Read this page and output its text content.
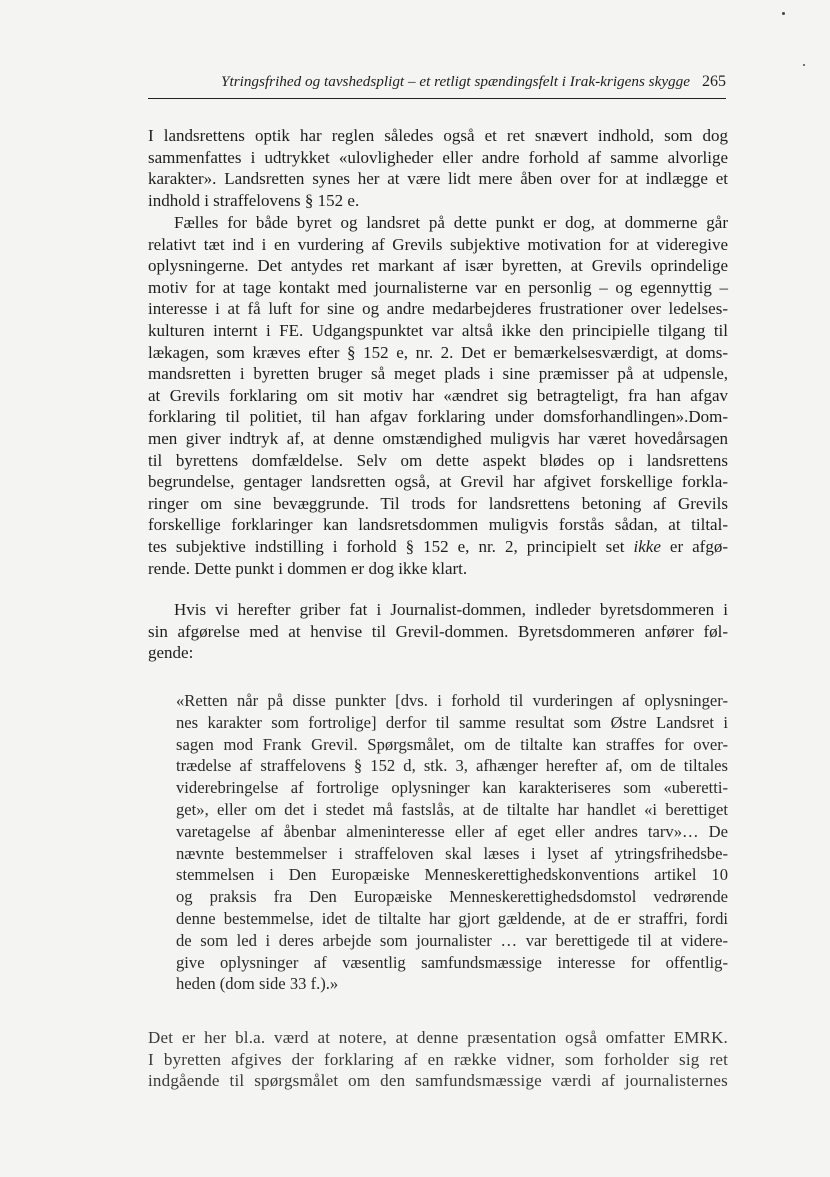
Ytringsfrihed og tavshedspligt – et retligt spændingsfelt i Irak-krigens skygge 265
I landsrettens optik har reglen således også et ret snævert indhold, som dog
sammenfattes i udtrykket «ulovligheder eller andre forhold af samme alvorlige
karakter». Landsretten synes her at være lidt mere åben over for at indlægge et
indhold i straffelovens § 152 e.
Fælles for både byret og landsret på dette punkt er dog, at dommerne går
relativt tæt ind i en vurdering af Grevils subjektive motivation for at videregive
oplysningerne. Det antydes ret markant af især byretten, at Grevils oprindelige
motiv for at tage kontakt med journalisterne var en personlig – og egennyttig –
interesse i at få luft for sine og andre medarbejderes frustrationer over ledelses-
kulturen internt i FE. Udgangspunktet var altså ikke den principielle tilgang til
lækagen, som kræves efter § 152 e, nr. 2. Det er bemærkelsesværdigt, at doms-
mandsretten i byretten bruger så meget plads i sine præmisser på at udpensle,
at Grevils forklaring om sit motiv har «ændret sig betragteligt, fra han afgav
forklaring til politiet, til han afgav forklaring under domsforhandlingen».Dom-
men giver indtryk af, at denne omstændighed muligvis har været hovedårsagen
til byrettens domfældelse. Selv om dette aspekt blødes op i landsrettens
begrundelse, gentager landsretten også, at Grevil har afgivet forskellige forkla-
ringer om sine bevæggrunde. Til trods for landsrettens betoning af Grevils
forskellige forklaringer kan landsretsdommen muligvis forstås sådan, at tiltal-
tes subjektive indstilling i forhold § 152 e, nr. 2, principielt set ikke er afgø-
rende. Dette punkt i dommen er dog ikke klart.
Hvis vi herefter griber fat i Journalist-dommen, indleder byretsdommeren i
sin afgørelse med at henvise til Grevil-dommen. Byretsdommeren anfører føl-
gende:
«Retten når på disse punkter [dvs. i forhold til vurderingen af oplysninger-
nes karakter som fortrolige] derfor til samme resultat som Østre Landsret i
sagen mod Frank Grevil. Spørgsmålet, om de tiltalte kan straffes for over-
trædelse af straffelovens § 152 d, stk. 3, afhænger herefter af, om de tiltales
viderebringelse af fortrolige oplysninger kan karakteriseres som «uberetti-
get», eller om det i stedet må fastslås, at de tiltalte har handlet «i berettiget
varetagelse af åbenbar almeninteresse eller af eget eller andres tarv»… De
nævnte bestemmelser i straffeloven skal læses i lyset af ytringsfrihedsbe-
stemmelsen i Den Europæiske Menneskerettighedskonventions artikel 10
og praksis fra Den Europæiske Menneskerettighedsdomstol vedrørende
denne bestemmelse, idet de tiltalte har gjort gældende, at de er straffri, fordi
de som led i deres arbejde som journalister … var berettigede til at videre-
give oplysninger af væsentlig samfundsmæssige interesse for offentlig-
heden (dom side 33 f.).»
Det er her bl.a. værd at notere, at denne præsentation også omfatter EMRK.
I byretten afgives der forklaring af en række vidner, som forholder sig ret
indgående til spørgsmålet om den samfundsmæssige værdi af journalisternes
